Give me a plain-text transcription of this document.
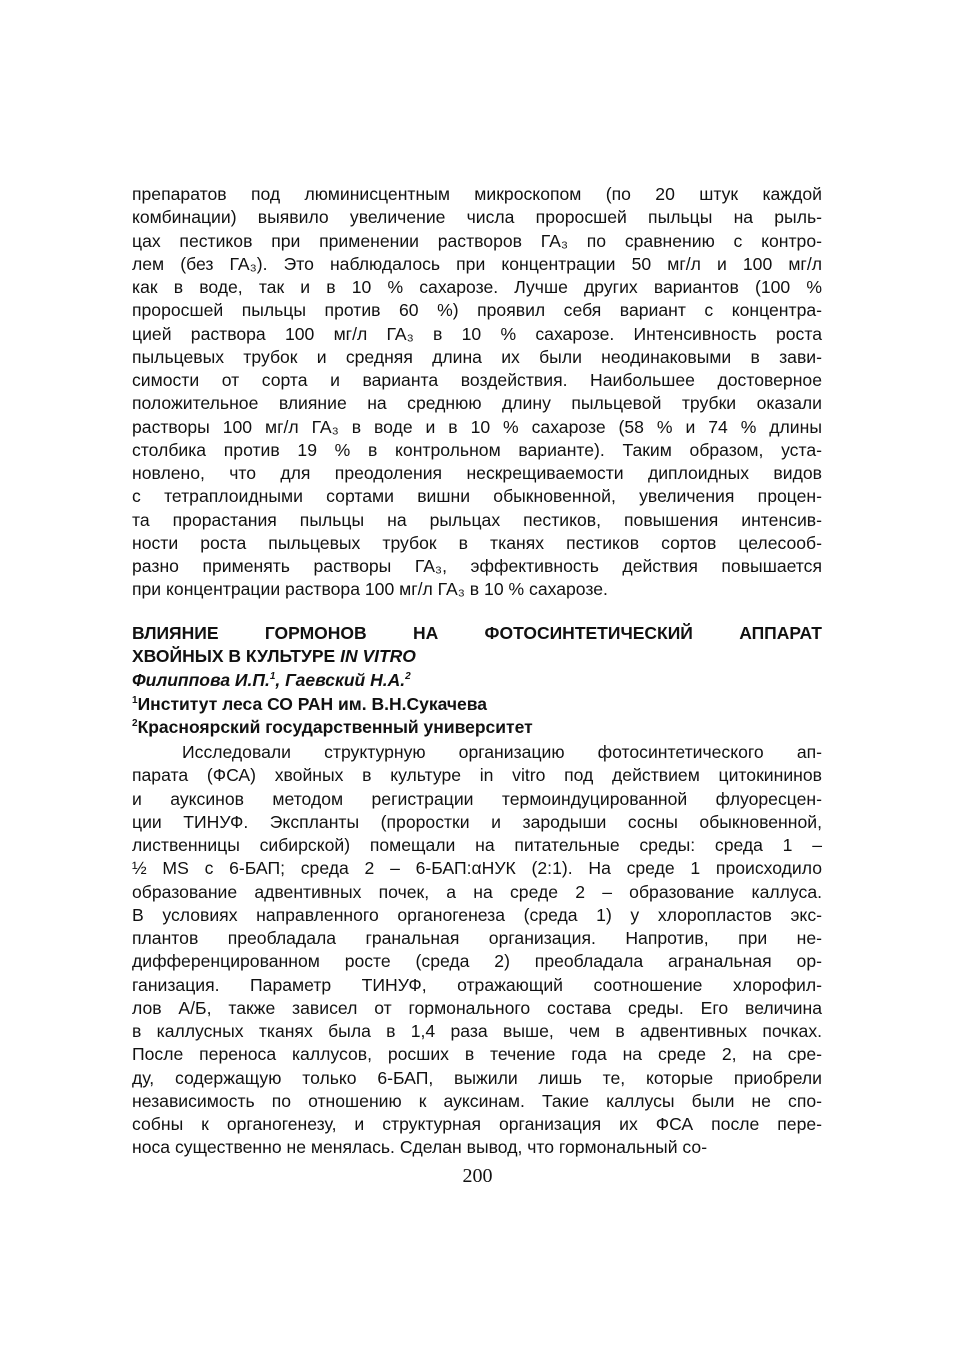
препаратов под люминисцентным микроскопом (по 20 штук каждой
комбинации) выявило увеличение числа проросшей пыльцы на рыль-
цах пестиков при применении растворов ГА₃ по сравнению с контро-
лем (без ГА₃). Это наблюдалось при концентрации 50 мг/л и 100 мг/л
как в воде, так и в 10 % сахарозе. Лучше других вариантов (100 %
проросшей пыльцы против 60 %) проявил себя вариант с концентра-
цией раствора 100 мг/л ГА₃ в 10 % сахарозе. Интенсивность роста
пыльцевых трубок и средняя длина их были неодинаковыми в зави-
симости от сорта и варианта воздействия. Наибольшее достоверное
положительное влияние на среднюю длину пыльцевой трубки оказали
растворы 100 мг/л ГА₃ в воде и в 10 % сахарозе (58 % и 74 % длины
столбика против 19 % в контрольном варианте). Таким образом, уста-
новлено, что для преодоления нескрещиваемости диплоидных видов
с тетраплоидными сортами вишни обыкновенной, увеличения процен-
та прорастания пыльцы на рыльцах пестиков, повышения интенсив-
ности роста пыльцевых трубок в тканях пестиков сортов целесооб-
разно применять растворы ГА₃, эффективность действия повышается
при концентрации раствора 100 мг/л ГА₃ в 10 % сахарозе.

ВЛИЯНИЕ ГОРМОНОВ НА ФОТОСИНТЕТИЧЕСКИЙ АППАРАТ
ХВОЙНЫХ В КУЛЬТУРЕ IN VITRO

Филиппова И.П.$^1$, Гаевский Н.А.$^2$

$^1$Институт леса СО РАН им. В.Н.Сукачева

$^2$Красноярский государственный университет

Исследовали структурную организацию фотосинтетического ап-
парата (ФСА) хвойных в культуре in vitro под действием цитокининов
и ауксинов методом регистрации термоиндуцированной флуоресцен-
ции ТИНУФ. Экспланты (проростки и зародыши сосны обыкновенной,
лиственницы сибирской) помещали на питательные среды: среда 1 –
½ MS с 6-БАП; среда 2 – 6-БАП:αНУК (2:1). На среде 1 происходило
образование адвентивных почек, а на среде 2 – образование каллуса.
В условиях направленного органогенеза (среда 1) у хлоропластов экс-
плантов преобладала гранальная организация. Напротив, при не-
дифференцированном росте (среда 2) преобладала агранальная ор-
ганизация. Параметр ТИНУФ, отражающий соотношение хлорофил-
лов А/Б, также зависел от гормонального состава среды. Его величина
в каллусных тканях была в 1,4 раза выше, чем в адвентивных почках.
После переноса каллусов, росших в течение года на среде 2, на сре-
ду, содержащую только 6-БАП, выжили лишь те, которые приобрели
независимость по отношению к ауксинам. Такие каллусы были не спо-
собны к органогенезу, и структурная организация их ФСА после пере-
носа существенно не менялась. Сделан вывод, что гормональный со-

200
